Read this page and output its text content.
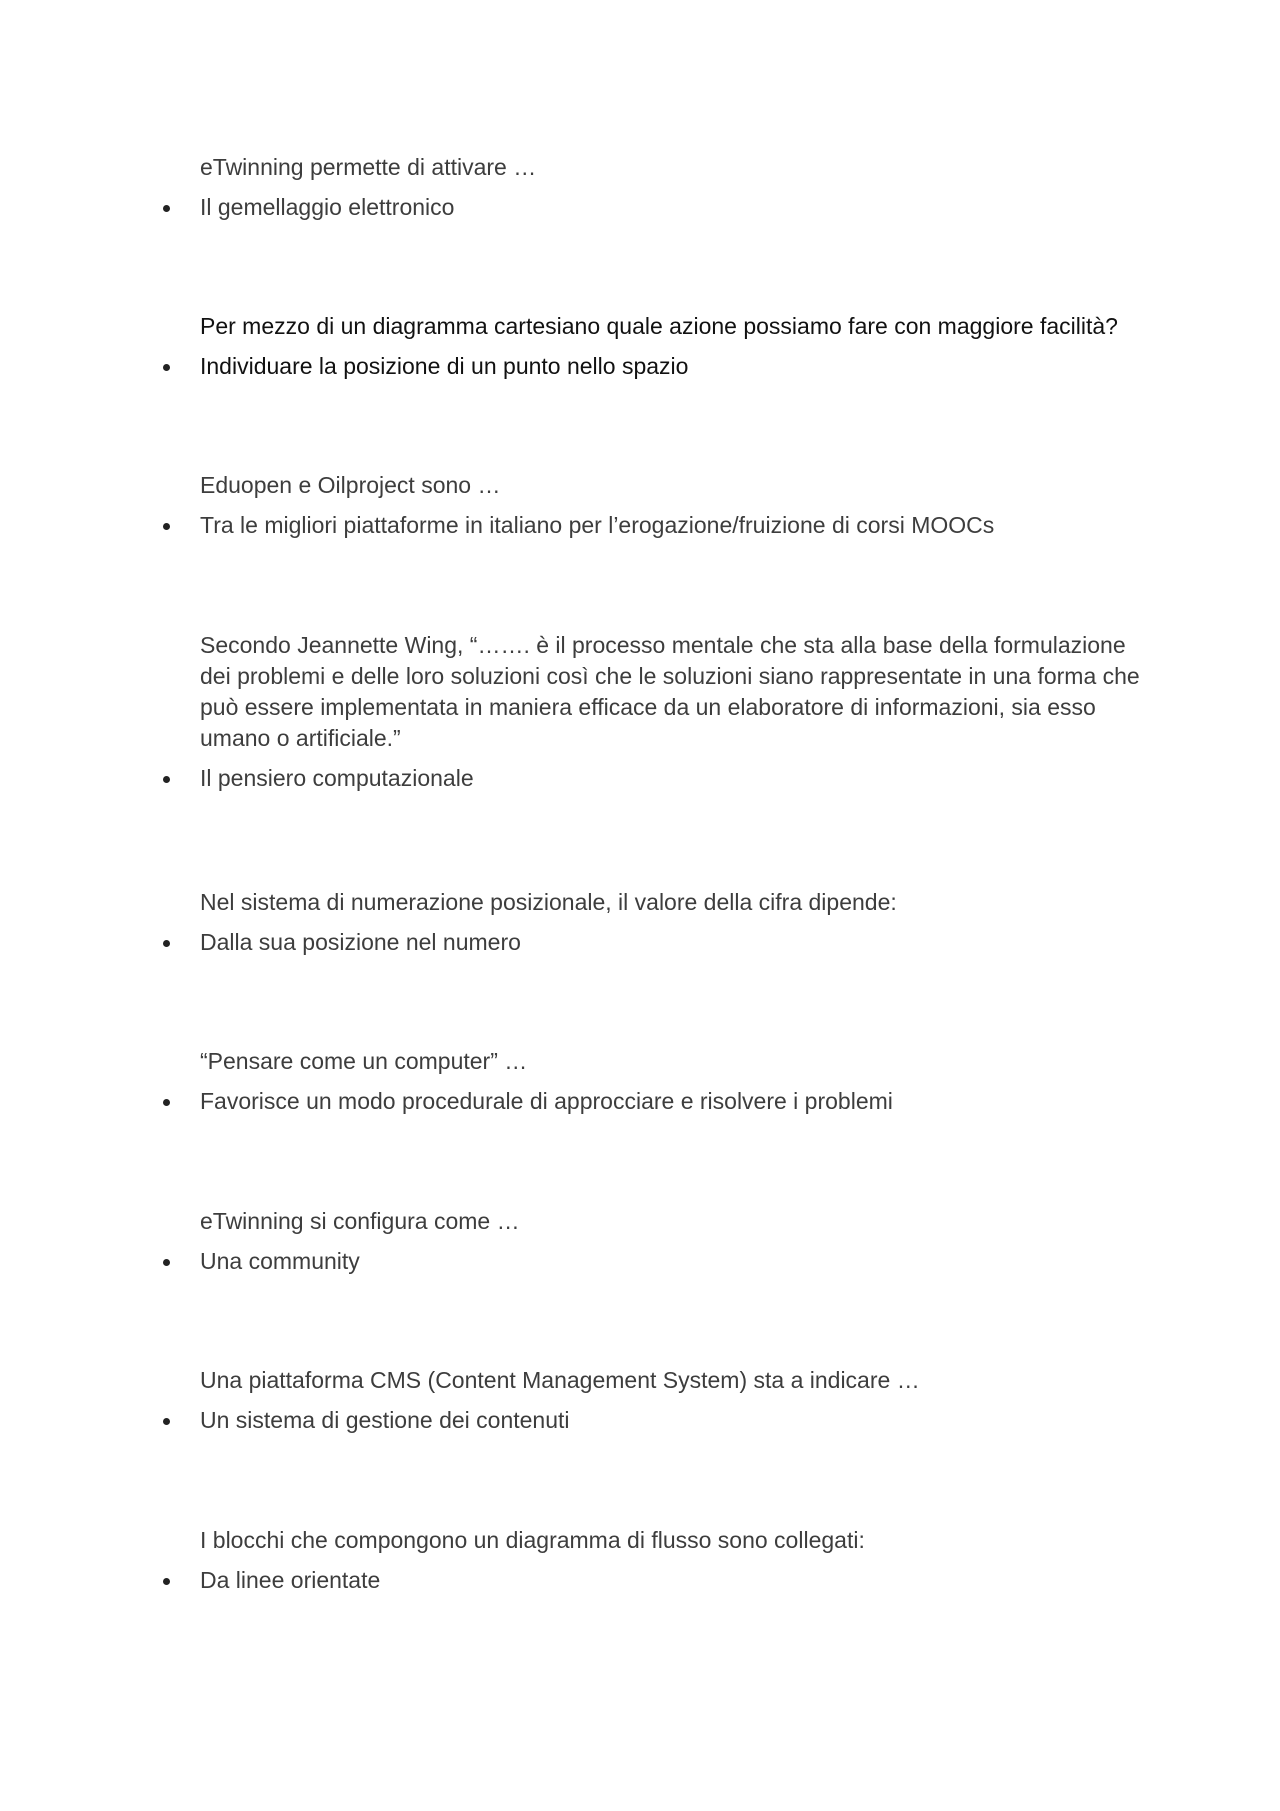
eTwinning permette di attivare …
Il gemellaggio elettronico
Per mezzo di un diagramma cartesiano quale azione possiamo fare con maggiore facilità?
Individuare la posizione di un punto nello spazio
Eduopen e Oilproject sono …
Tra le migliori piattaforme in italiano per l’erogazione/fruizione di corsi MOOCs
Secondo Jeannette Wing, “……. è il processo mentale che sta alla base della formulazione dei problemi e delle loro soluzioni così che le soluzioni siano rappresentate in una forma che può essere implementata in maniera efficace da un elaboratore di informazioni, sia esso umano o artificiale.”
Il pensiero computazionale
Nel sistema di numerazione posizionale, il valore della cifra dipende:
Dalla sua posizione nel numero
“Pensare come un computer” …
Favorisce un modo procedurale di approcciare e risolvere i problemi
eTwinning si configura come …
Una community
Una piattaforma CMS (Content Management System) sta a indicare …
Un sistema di gestione dei contenuti
I blocchi che compongono un diagramma di flusso sono collegati:
Da linee orientate
